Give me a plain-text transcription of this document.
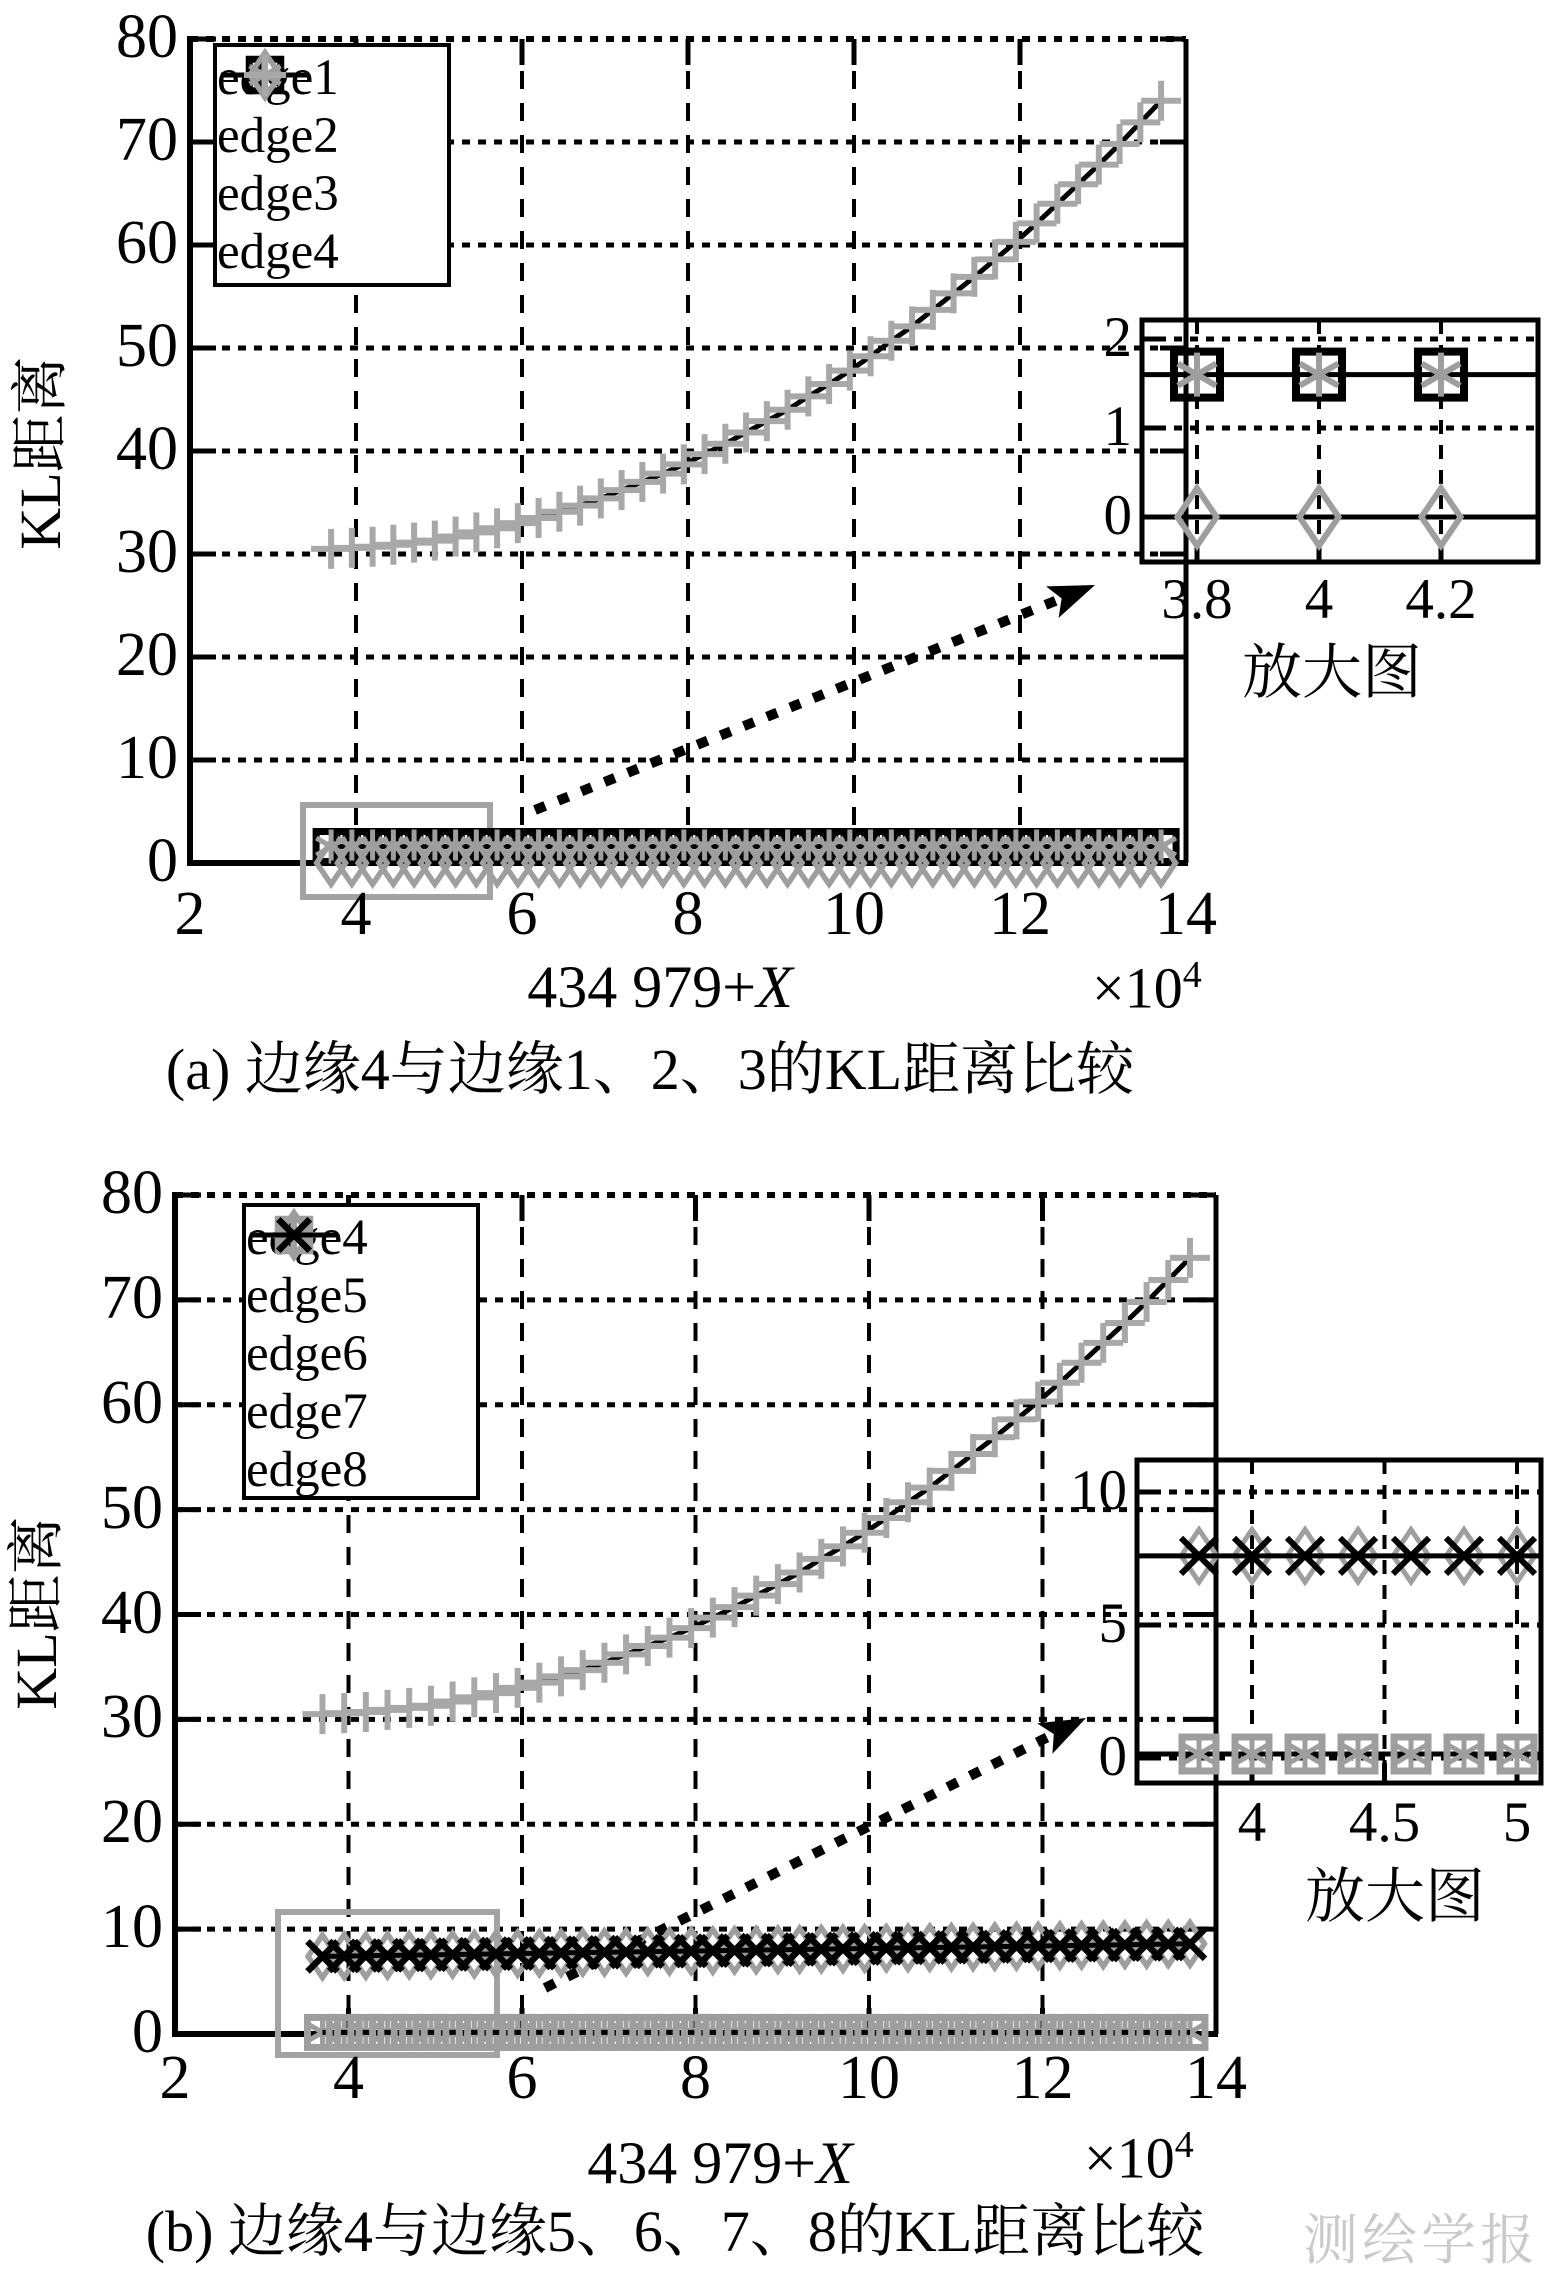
KL距离
434 979+X	$\times 10^4$
放大图
(a) 边缘4与边缘1、2、3的KL距离比较
KL距离
434 979+X	$\times 10^4$
放大图
(b) 边缘4与边缘5、6、7、8的KL距离比较	测绘学报
edge1
edge2
edge3
edge4
edge4
edge5
edge6
edge7
edge8
0
10
20
30
40
50
60
70
80
2	4	6	8	10	12	14
0
1
2
3.8	4	4.2
0
10
20
30
40
50
60
70
80
2	4	6	8	10	12	14
0
5
10
4	4.5	5
